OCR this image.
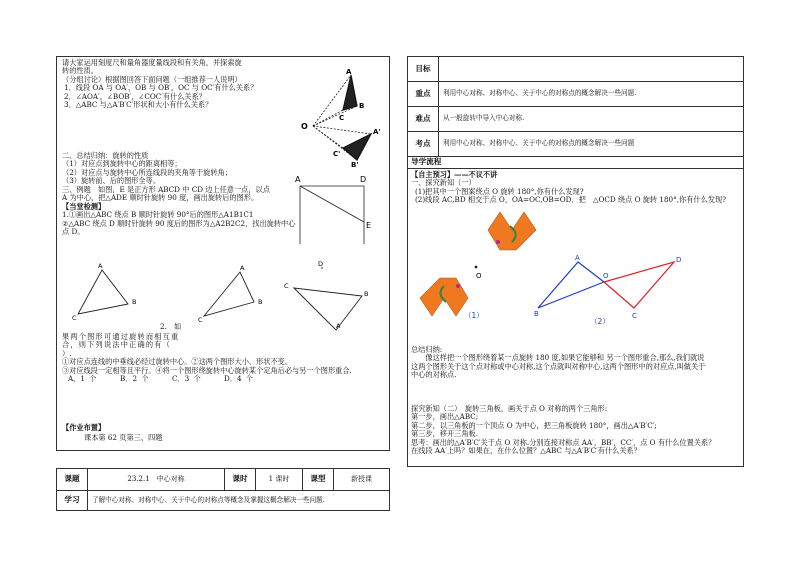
请大家运用刻度尺和量角器度量线段和有关角，并探索旋
转的性质。
（分组讨论）根据图回答下面问题（一组推荐一人说明）
1．线段 OA 与 OA′，OB 与 OB′，OC 与 OC′有什么关系？
2．∠AOA′，∠BOB′，∠COC′有什么关系？
3．△ABC 与△A′B′C′形状和大小有什么关系？
A
B
C
O
A'
B'
C'
二、总结归纳：旋转的性质
（1）对应点到旋转中心的距离相等；
（2）对应点与旋转中心所连线段的夹角等于旋转角；
（3）旋转前、后的图形全等。
三、例题　如图，E 是正方形 ABCD 中 CD 边上任意一点，以点
A 为中心，把△ADE 顺时针旋转 90 度，画出旋转后的图形。
【当堂检测】
1.①画出△ABC 绕点 B 顺时针旋转 90°后的图形△A1B1C1
②△ABC 绕点 D 顺时针旋转 90 度后的图形为△A2B2C2，找出旋转中心
点 D。
A	D
E
A
B
C
A
B
C
D
C
A
B
2.　如
果两个图形可通过旋转而相互重
合，则下列说法中正确的有（
）.
①对应点连线的中垂线必经过旋转中心。②这两个图形大小、形状不变。
③对应线段一定相等且平行。④将一个图形绕旋转中心旋转某个定角后必与另一个图形重合.
A．1 个	B．2 个	C．3 个	D．4 个
【作业布置】
课本第 62 页第三、四题
课题	23.2.1　中心对称	课时	1 课时	课型	新授课
学习	了解中心对称、对称中心、关于中心的对称点等概念及掌握这概念解决一些问题.				
目标	
重点	利用中心对称、对称中心、关于中心的对称点的概念解决一些问题.
难点	从一般旋转中导入中心对称.
考点	利用中心对称、对称中心、关于中心的对称点的概念解决一些问题
导学流程
【自主预习】——不议不讲
一、探究新知（一）
(1)把其中一个图案绕点 O 旋转 180°,你有什么发现?
(2)线段 AC,BD 相交于点 O，OA=OC,OB=OD．把　△OCD 绕点 O 旋转 180°,你有什么发现?
O
（1）
A
B
O
C
D
（2）
总结归纳:
　　像这样把一个图形绕着某一点旋转 180 度,如果它能够和 另一个图形重合,那么,我们就说
这两个图形关于这个点对称或中心对称,这个点就叫对称中心,这两个图形中的对应点,叫做关于
中心的对称点.
探究新知（二）　旋转三角板，画关于点 O 对称的两个三角形:
第一步，画出△ABC;
第二步，以三角板的一个顶点 O 为中心，把三角板旋转 180°，画出△A′B′C′;
第三步，移开三角板.
思考：画出的△A′B′C′关于点 O 对称.分别连接对称点 AA′，BB′，CC′，点 O 有什么位置关系？
在线段 AA′上吗？如果在，在什么位置？△ABC 与△A′B′C′有什么关系？
